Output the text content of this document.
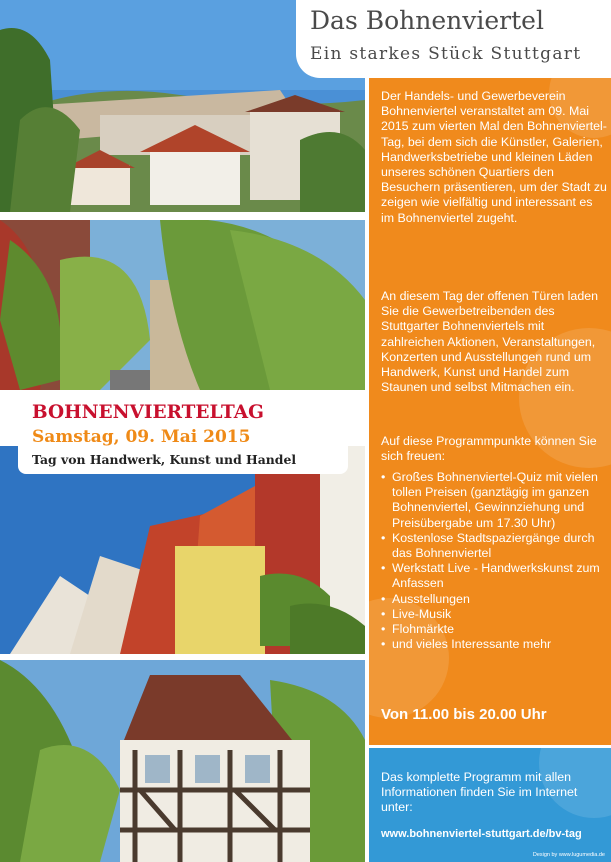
Das Bohnenviertel
Ein starkes Stück Stuttgart
Der Handels- und Gewerbeverein Bohnenviertel veranstaltet am 09. Mai 2015 zum vierten Mal den Bohnenviertel-Tag, bei dem sich die Künstler, Galerien, Handwerksbetriebe und kleinen Läden unseres schönen Quartiers den Besuchern präsentieren, um der Stadt zu zeigen wie vielfältig und interessant es im Bohnenviertel zugeht.
An diesem Tag der offenen Türen laden Sie die Gewerbetreibenden des Stuttgarter Bohnenviertels mit zahlreichen Aktionen, Veranstaltungen, Konzerten und Ausstellungen rund um Handwerk, Kunst und Handel zum Staunen und selbst Mitmachen ein.
Auf diese Programmpunkte können Sie sich freuen:
• Großes Bohnenviertel-Quiz mit vielen tollen Preisen (ganztägig im ganzen Bohnenviertel, Gewinnziehung und Preisübergabe um 17.30 Uhr)
• Kostenlose Stadtspaziergänge durch das Bohnenviertel
• Werkstatt Live - Handwerkskunst zum Anfassen
• Ausstellungen
• Live-Musik
• Flohmärkte
• und vieles Interessante mehr
Von 11.00 bis 20.00 Uhr
Das komplette Programm mit allen Informationen finden Sie im Internet unter:
www.bohnenviertel-stuttgart.de/bv-tag
Design by www.lugumedia.de
BOHNENVIERTELTAG
Samstag, 09. Mai 2015
Tag von Handwerk, Kunst und Handel
